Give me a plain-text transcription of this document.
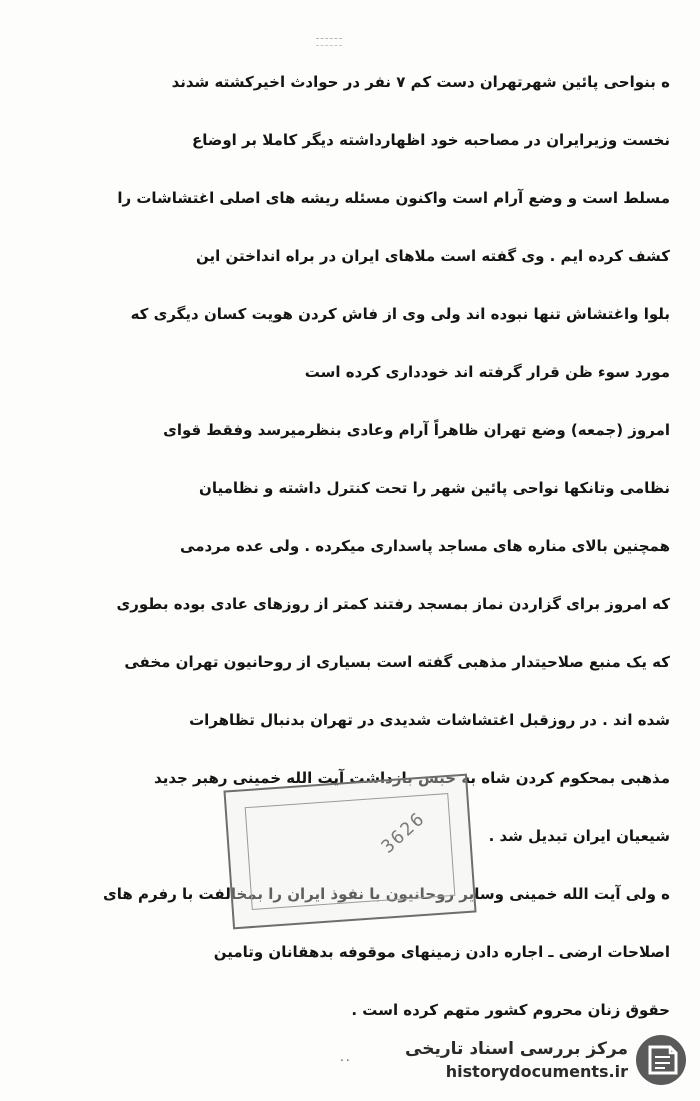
ه بنواحی پائین شهرتهران دست کم ۷ نفر در حوادث اخیرکشته شدند
نخست وزیرایران در مصاحبه خود اظهارداشته دیگر کاملا بر اوضاع
مسلط است و وضع آرام است واکنون مسئله ریشه های اصلی اغتشاشات را
کشف کرده ایم . وی گفته است ملاهای ایران در براه انداختن این
بلوا واغتشاش تنها نبوده اند ولی وی از فاش کردن هویت کسان دیگری که
مورد سوء ظن قرار گرفته اند خودداری کرده است
امروز (جمعه) وضع تهران ظاهراً آرام وعادی بنظرمیرسد وفقط قوای
نظامی وتانکها نواحی پائین شهر را تحت کنترل داشته و نظامیان
همچنین بالای مناره های مساجد پاسداری میکرده . ولی عده مردمی
که امروز برای گزاردن نماز بمسجد رفتند کمتر از روزهای عادی بوده بطوری
که یک منبع صلاحیتدار مذهبی گفته است بسیاری از روحانیون تهران مخفی
شده اند . در روزقبل اغتشاشات شدیدی در تهران بدنبال تظاهرات
مذهبی بمحکوم کردن شاه به حبس بازداشت آیت الله خمینی رهبر جدید
شیعیان ایران تبدیل شد .
ه ولی آیت الله خمینی وسایر روحانیون با نفوذ ایران را بمخالفت با رفرم های
اصلاحات ارضی ـ اجاره دادن زمینهای موقوفه بدهقانان وتامین
حقوق زنان محروم کشور متهم کرده است .
3626
..	مرکز بررسی اسناد تاریخی
historydocuments.ir
